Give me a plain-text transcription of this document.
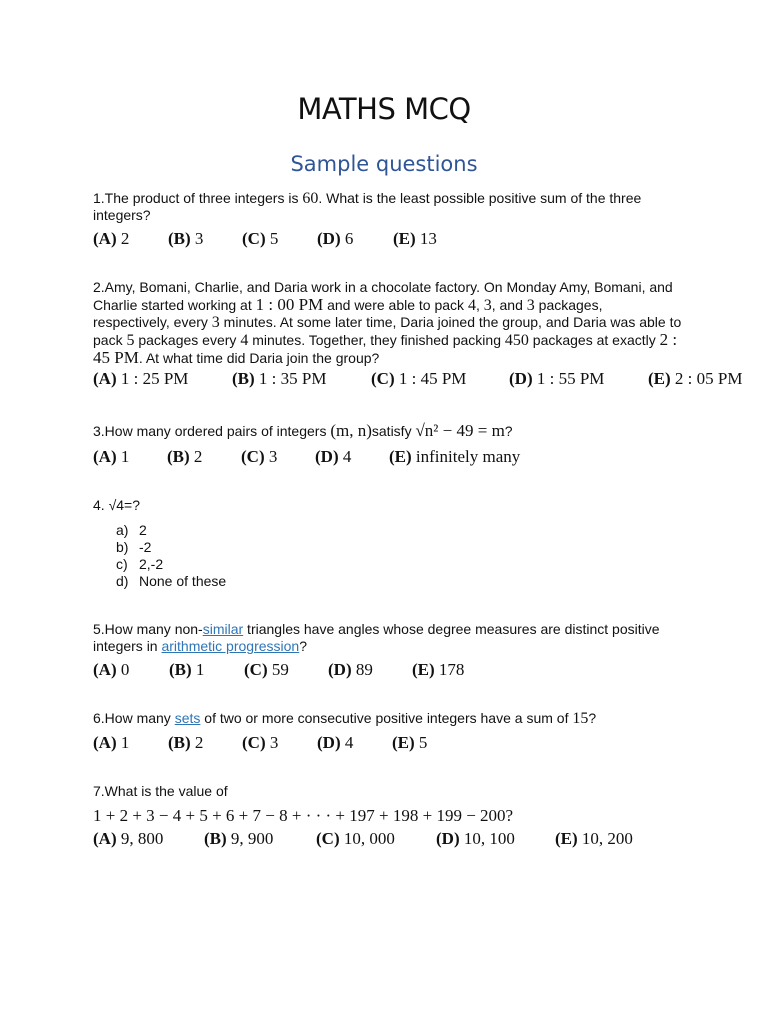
MATHS MCQ
Sample questions
1.The product of three integers is 60. What is the least possible positive sum of the three integers?
(A) 2 (B) 3 (C) 5 (D) 6 (E) 13
2.Amy, Bomani, Charlie, and Daria work in a chocolate factory. On Monday Amy, Bomani, and Charlie started working at 1 : 00 PM and were able to pack 4, 3, and 3 packages, respectively, every 3 minutes. At some later time, Daria joined the group, and Daria was able to pack 5 packages every 4 minutes. Together, they finished packing 450 packages at exactly 2 : 45 PM. At what time did Daria join the group?
(A) 1 : 25 PM	(B) 1 : 35 PM	(C) 1 : 45 PM	(D) 1 : 55 PM	(E) 2 : 05 PM
3.How many ordered pairs of integers (m, n)satisfy √n² − 49 = m?
(A) 1 (B) 2 (C) 3 (D) 4 (E) infinitely many
4. √4=?
a) 2
b) -2
c) 2,-2
d) None of these
5.How many non-similar triangles have angles whose degree measures are distinct positive integers in arithmetic progression?
(A) 0 (B) 1 (C) 59 (D) 89 (E) 178
6.How many sets of two or more consecutive positive integers have a sum of 15?
(A) 1 (B) 2 (C) 3 (D) 4 (E) 5
7.What is the value of
1 + 2 + 3 − 4 + 5 + 6 + 7 − 8 + · · · + 197 + 198 + 199 − 200?
(A) 9, 800 (B) 9, 900	(C) 10, 000 (D) 10, 100 (E) 10, 200
